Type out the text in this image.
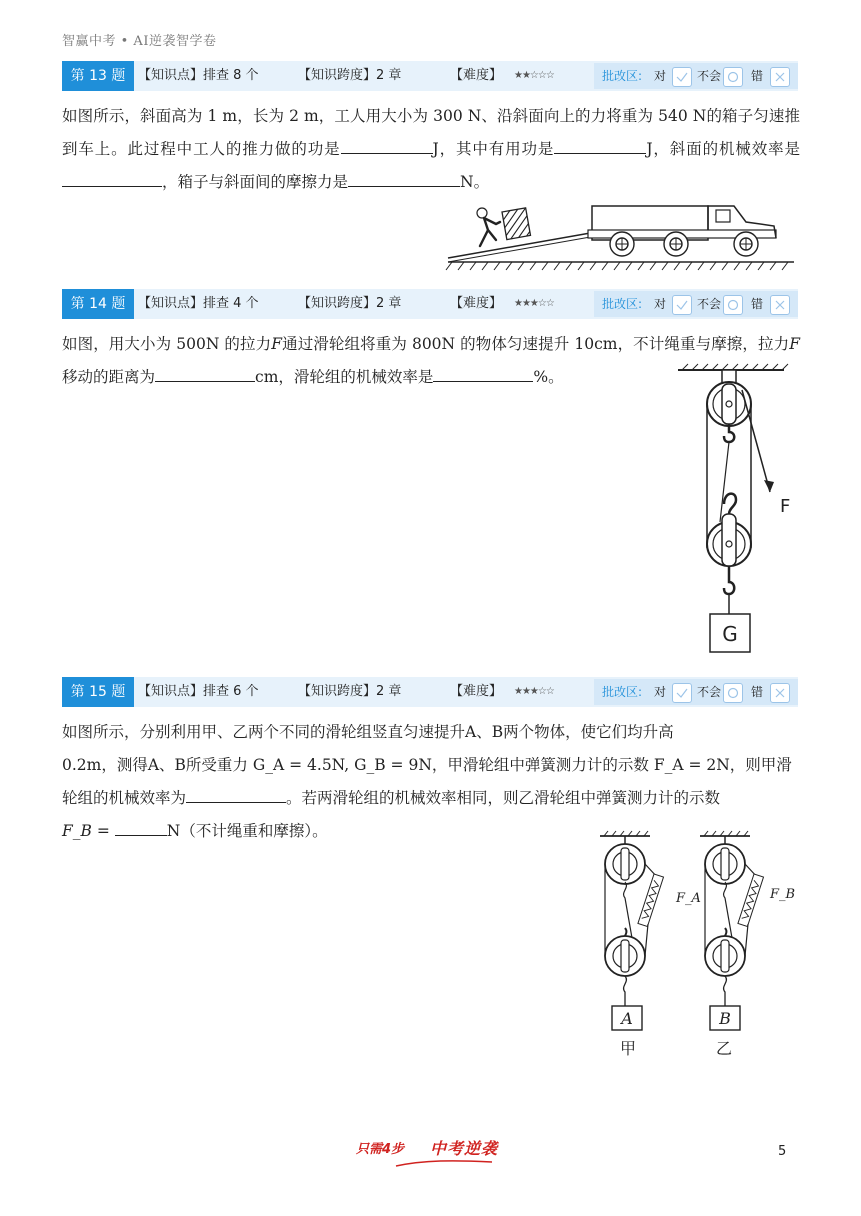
智赢中考 • AI逆袭智学卷
第 13 题 【知识点】排查 8 个	【知识跨度】2 章	【难度】 ★★☆☆☆	批改区: 对	不会 错
如图所示，斜面高为 1 m，长为 2 m，工人用大小为 300 N、沿斜面向上的力将重为 540 N的箱子匀速推到车上。此过程中工人的推力做的功是	J，其中有用功是	J，斜面的机械效率是，箱子与斜面间的摩擦力是	N。
第 14 题 【知识点】排查 4 个	【知识跨度】2 章	【难度】 ★★★☆☆	批改区: 对	不会 错
如图，用大小为 500N 的拉力F通过滑轮组将重为 800N 的物体匀速提升 10cm，不计绳重与摩擦，拉力F移动的距离为	cm，滑轮组的机械效率是	%。
G
F
第 15 题 【知识点】排查 6 个	【知识跨度】2 章	【难度】 ★★★☆☆	批改区: 对	不会 错
如图所示，分别利用甲、乙两个不同的滑轮组竖直匀速提升A、B两个物体，使它们均升高
0.2m，测得A、B所受重力 G_A = 4.5N, G_B = 9N，甲滑轮组中弹簧测力计的示数 F_A = 2N，则甲滑
轮组的机械效率为	。若两滑轮组的机械效率相同，则乙滑轮组中弹簧测力计的示数
F_B =	N（不计绳重和摩擦）。
A
甲
F_A
B
乙
F_B
只需4步 中考逆袭	5
